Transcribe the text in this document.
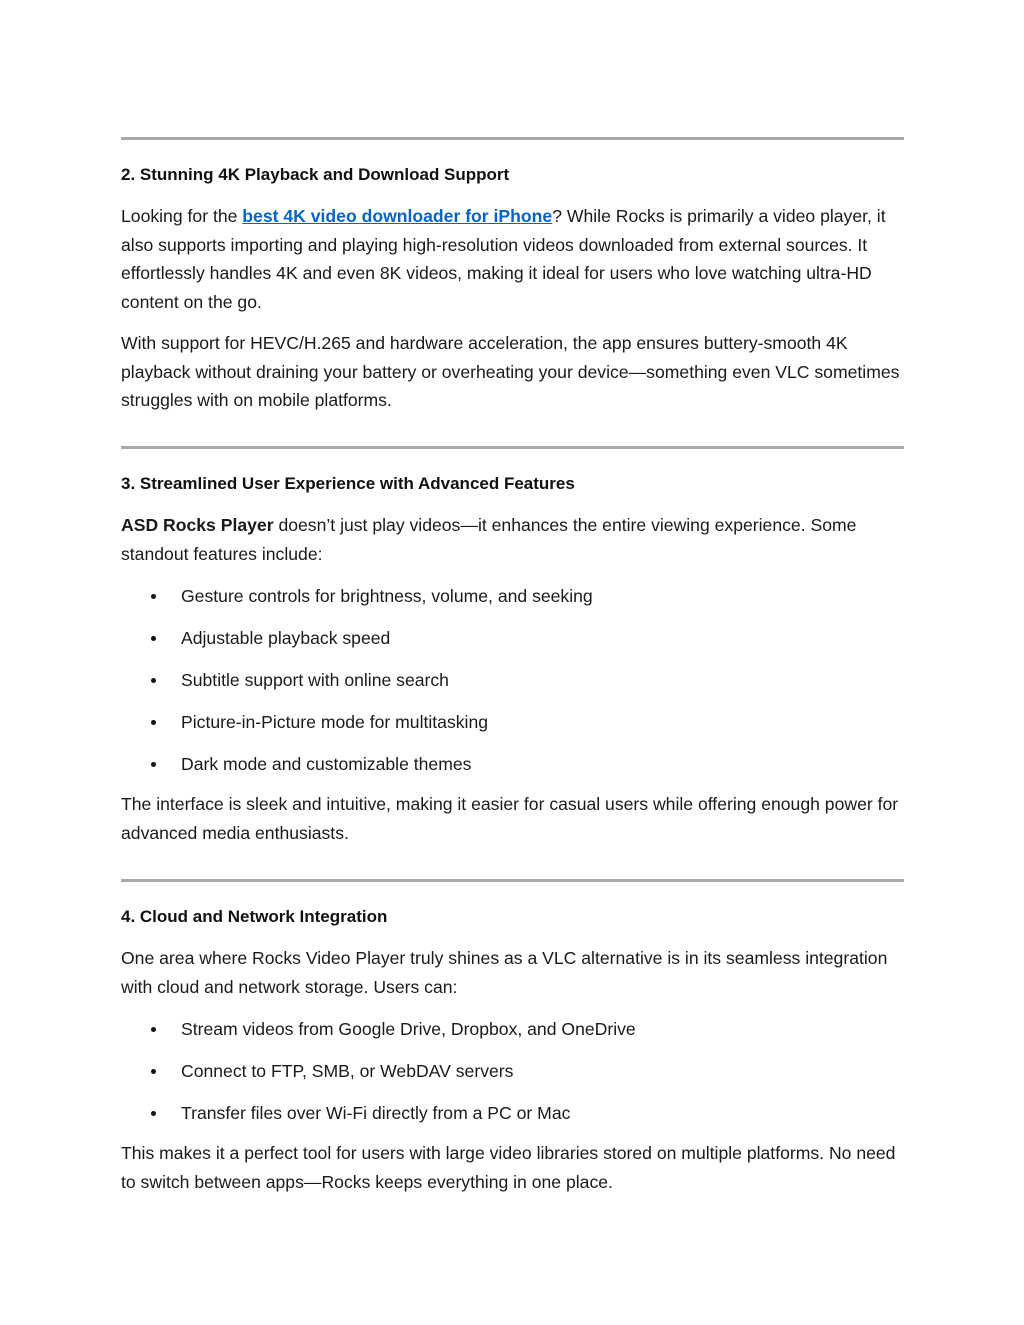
2. Stunning 4K Playback and Download Support

Looking for the best 4K video downloader for iPhone? While Rocks is primarily a video player, it also supports importing and playing high-resolution videos downloaded from external sources. It effortlessly handles 4K and even 8K videos, making it ideal for users who love watching ultra-HD content on the go.

With support for HEVC/H.265 and hardware acceleration, the app ensures buttery-smooth 4K playback without draining your battery or overheating your device—something even VLC sometimes struggles with on mobile platforms.

3. Streamlined User Experience with Advanced Features

ASD Rocks Player doesn’t just play videos—it enhances the entire viewing experience. Some standout features include:

Gesture controls for brightness, volume, and seeking
Adjustable playback speed
Subtitle support with online search
Picture-in-Picture mode for multitasking
Dark mode and customizable themes

The interface is sleek and intuitive, making it easier for casual users while offering enough power for advanced media enthusiasts.

4. Cloud and Network Integration

One area where Rocks Video Player truly shines as a VLC alternative is in its seamless integration with cloud and network storage. Users can:

Stream videos from Google Drive, Dropbox, and OneDrive
Connect to FTP, SMB, or WebDAV servers
Transfer files over Wi-Fi directly from a PC or Mac

This makes it a perfect tool for users with large video libraries stored on multiple platforms. No need to switch between apps—Rocks keeps everything in one place.
